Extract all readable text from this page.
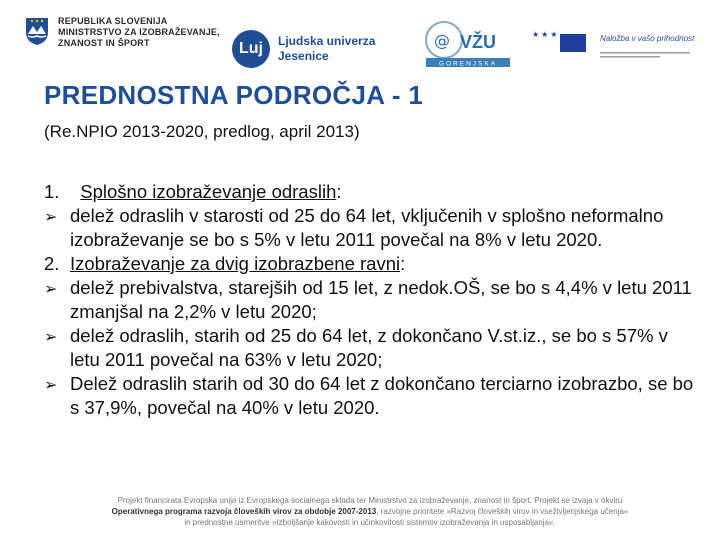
REPUBLIKA SLOVENIJA
MINISTRSTVO ZA IZOBRAŽEVANJE,
ZNANOST IN ŠPORT	Luj	Ljudska univerza
Jesenice
@ VŽU
GORENJSKA
★★★	Naložba v vašo prihodnost
PREDNOSTNA PODROČJA - 1
(Re.NPIO 2013-2020, predlog, april 2013)
1.	Splošno izobraževanje odraslih:
➢ delež odraslih v starosti od 25 do 64 let, vključenih v splošno neformalno izobraževanje se bo s 5% v letu 2011 povečal na 8% v letu 2020.
2. Izobraževanje za dvig izobrazbene ravni:
➢ delež prebivalstva, starejših od 15 let, z nedok.OŠ, se bo s 4,4% v letu 2011 zmanjšal na 2,2% v letu 2020;
➢ delež odraslih, starih od 25 do 64 let, z dokončano V.st.iz., se bo s 57% v letu 2011 povečal na 63% v letu 2020;
➢ Delež odraslih starih od 30 do 64 let z dokončano terciarno izobrazbo, se bo s 37,9%, povečal na 40% v letu 2020.
Projekt financirata Evropska unija iz Evropskega socialnega sklada ter Ministrstvo za izobraževanje, znanost in šport. Projekt se izvaja v okviru
Operativnega programa razvoja človeških virov za obdobje 2007-2013, razvojne prioritete »Razvoj človeških virov in vseživljenjskega učenja«
in prednostne usmeritve »Izboljšanje kakovosti in učinkovitosti sistemov izobraževanja in usposabljanja«.
